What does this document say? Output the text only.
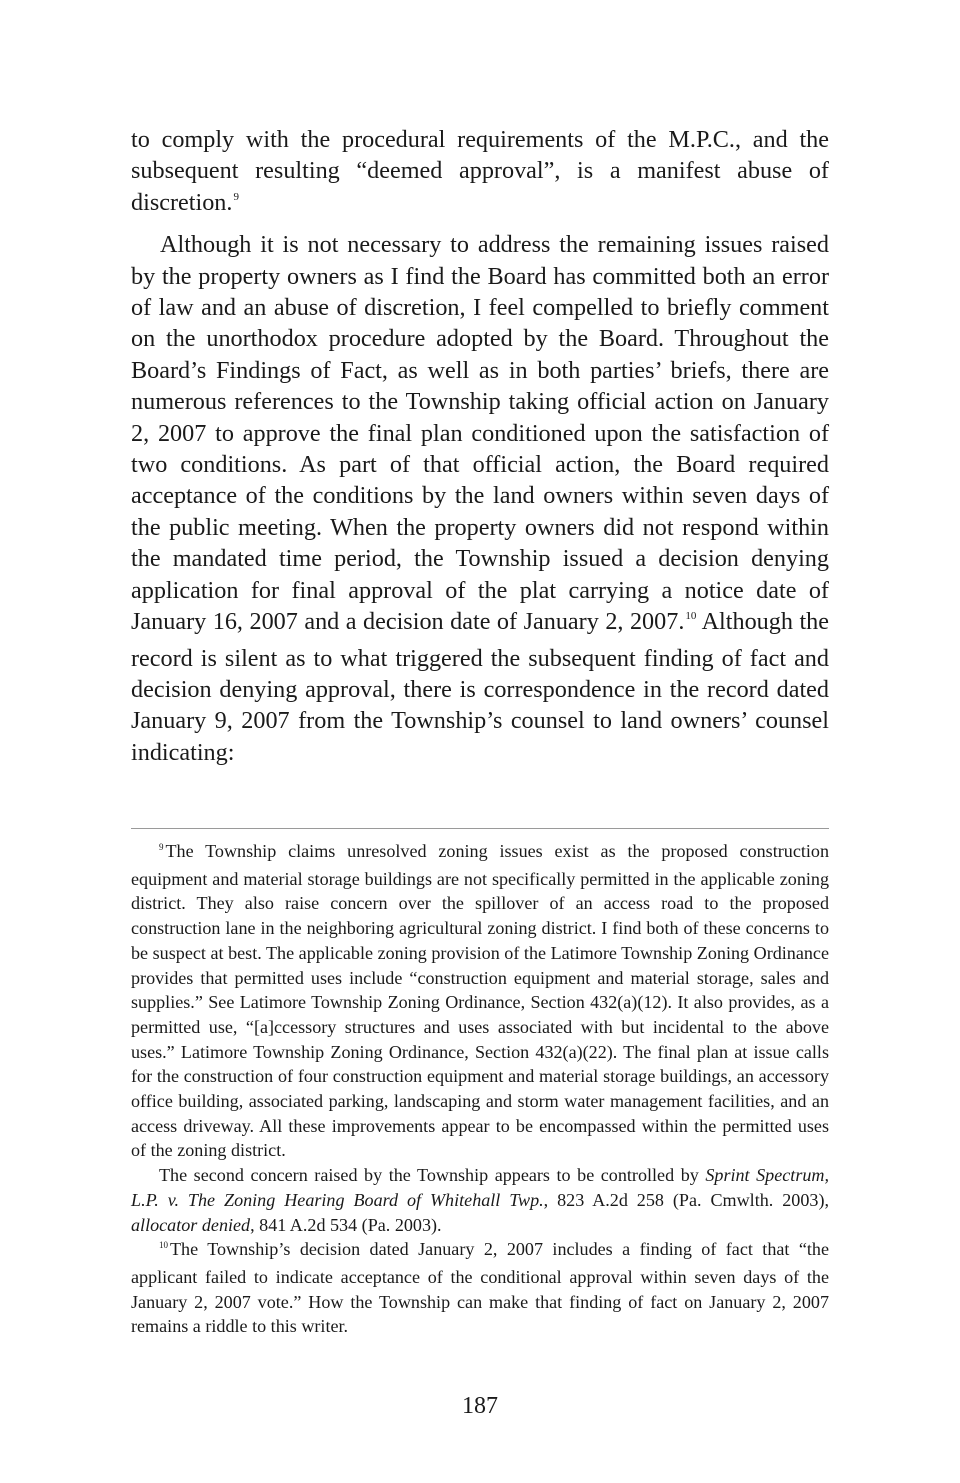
to comply with the procedural requirements of the M.P.C., and the subsequent resulting “deemed approval”, is a manifest abuse of discretion.$^9$

Although it is not necessary to address the remaining issues raised by the property owners as I find the Board has committed both an error of law and an abuse of discretion, I feel compelled to briefly comment on the unorthodox procedure adopted by the Board. Throughout the Board’s Findings of Fact, as well as in both parties’ briefs, there are numerous references to the Township taking official action on January 2, 2007 to approve the final plan conditioned upon the satisfaction of two conditions. As part of that official action, the Board required acceptance of the conditions by the land owners within seven days of the public meeting. When the property owners did not respond within the mandated time period, the Township issued a decision denying application for final approval of the plat carrying a notice date of January 16, 2007 and a decision date of January 2, 2007.10 Although the record is silent as to what triggered the subsequent finding of fact and decision denying approval, there is correspondence in the record dated January 9, 2007 from the Township’s counsel to land owners’ counsel indicating:

$^9$ The Township claims unresolved zoning issues exist as the proposed construction equipment and material storage buildings are not specifically permitted in the applicable zoning district. They also raise concern over the spillover of an access road to the proposed construction lane in the neighboring agricultural zoning district. I find both of these concerns to be suspect at best. The applicable zoning provision of the Latimore Township Zoning Ordinance provides that permitted uses include “construction equipment and material storage, sales and supplies.” See Latimore Township Zoning Ordinance, Section 432(a)(12). It also provides, as a permitted use, “[a]ccessory structures and uses associated with but incidental to the above uses.” Latimore Township Zoning Ordinance, Section 432(a)(22). The final plan at issue calls for the construction of four construction equipment and material storage buildings, an accessory office building, associated parking, landscaping and storm water management facilities, and an access driveway. All these improvements appear to be encompassed within the permitted uses of the zoning district.

The second concern raised by the Township appears to be controlled by Sprint Spectrum, L.P. v. The Zoning Hearing Board of Whitehall Twp., 823 A.2d 258 (Pa. Cmwlth. 2003), allocator denied, 841 A.2d 534 (Pa. 2003).

$^{10}$ The Township’s decision dated January 2, 2007 includes a finding of fact that “the applicant failed to indicate acceptance of the conditional approval within seven days of the January 2, 2007 vote.” How the Township can make that finding of fact on January 2, 2007 remains a riddle to this writer.

187
